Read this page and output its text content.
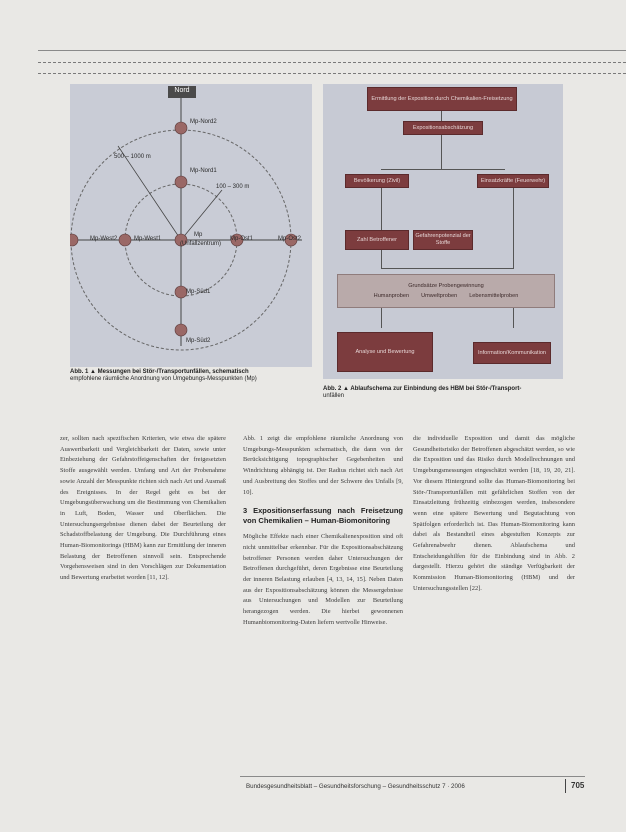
Nord
Mp-Nord2
500 – 1000 m
Mp-Nord1
100 – 300 m
Mp-West2	Mp-West1
Mp
(Unfallzentrum)
Mp-Ost1	Mp-Ost2
Mp-Süd1
Mp-Süd2
Abb. 1 ▲ Messungen bei Stör-/Transportunfällen, schematisch
empfohlene räumliche Anordnung von Umgebungs-Messpunkten (Mp)
Ermittlung der Exposition durch Chemikalien-Freisetzung
Expositionsabschätzung
Bevölkerung (Zivil)	Einsatzkräfte (Feuerwehr)
Zahl Betroffener
Gefahrenpotenzial der Stoffe
Grundsätze Probengewinnung
Humanproben Umweltproben Lebensmittelproben
Analyse und Bewertung	Information/Kommunikation
Abb. 2 ▲ Ablaufschema zur Einbindung des HBM bei Stör-/Transport-
unfällen

zer, sollten nach spezifischen Kriterien, wie etwa die spätere Auswertbarkeit und Vergleichbarkeit der Daten, sowie unter Einbeziehung der Gefahrstoffeigenschaften der freigesetzten Stoffe ausgewählt werden. Umfang und Art der Probenahme sowie Anzahl der Messpunkte richten sich nach Art und Ausmaß des Ereignisses. In der Regel geht es bei der Umgebungsüberwachung um die Bestimmung von Chemikalien in Luft, Boden, Wasser und Oberflächen. Die Untersuchungsergebnisse dienen dabei der Beurteilung der Schadstoffbelastung der Umgebung. Die Durchführung eines Human-Biomonitorings (HBM) kann zur Ermittlung der inneren Belastung der Betroffenen sinnvoll sein. Entsprechende Vorgehensweisen sind in den Vorschlägen zur Dokumentation und Bewertung erarbeitet worden [11, 12].

Abb. 1 zeigt die empfohlene räumliche Anordnung von Umgebungs-Messpunkten schematisch, die dann von der Berücksichtigung topographischer Gegebenheiten und Windrichtung abhängig ist. Der Radius richtet sich nach Art und Ausbreitung des Stoffes und der Schwere des Unfalls [9, 10].

3 Expositionserfassung nach Freisetzung von Chemikalien – Human-Biomonitoring

Mögliche Effekte nach einer Chemikalienexposition sind oft nicht unmittelbar erkennbar. Für die Expositionsabschätzung betroffener Personen werden daher Untersuchungen der Betroffenen durchgeführt, deren Ergebnisse eine Beurteilung der inneren Belastung erlauben [4, 13, 14, 15]. Neben Daten aus der Expositionsabschätzung können die Messergebnisse aus Untersuchungen und Modellen zur Beurteilung herangezogen werden. Die hierbei gewonnenen Humanbiomonitoring-Daten liefern wertvolle Hinweise.

die individuelle Exposition und damit das mögliche Gesundheitsrisiko der Betroffenen abgeschätzt werden, so wie die Exposition und das Risiko durch Modellrechnungen und Umgebungsmessungen eingeschätzt werden [18, 19, 20, 21]. Vor diesem Hintergrund sollte das Human-Biomonitoring bei Stör-/Transportunfällen mit gefährlichen Stoffen von der Einsatzleitung frühzeitig einbezogen werden, insbesondere wenn eine spätere Bewertung und Begutachtung von Spätfolgen erforderlich ist. Das Human-Biomonitoring kann dabei als Bestandteil eines abgestuften Konzepts zur Gefahrenabwehr dienen. Ablaufschema und Entscheidungshilfen für die Einbindung sind in Abb. 2 dargestellt. Hierzu gehört die ständige Verfügbarkeit der Kommission Human-Biomonitoring (HBM) und der Untersuchungsstellen [22].

Bundesgesundheitsblatt – Gesundheitsforschung – Gesundheitsschutz 7 · 2006	705
